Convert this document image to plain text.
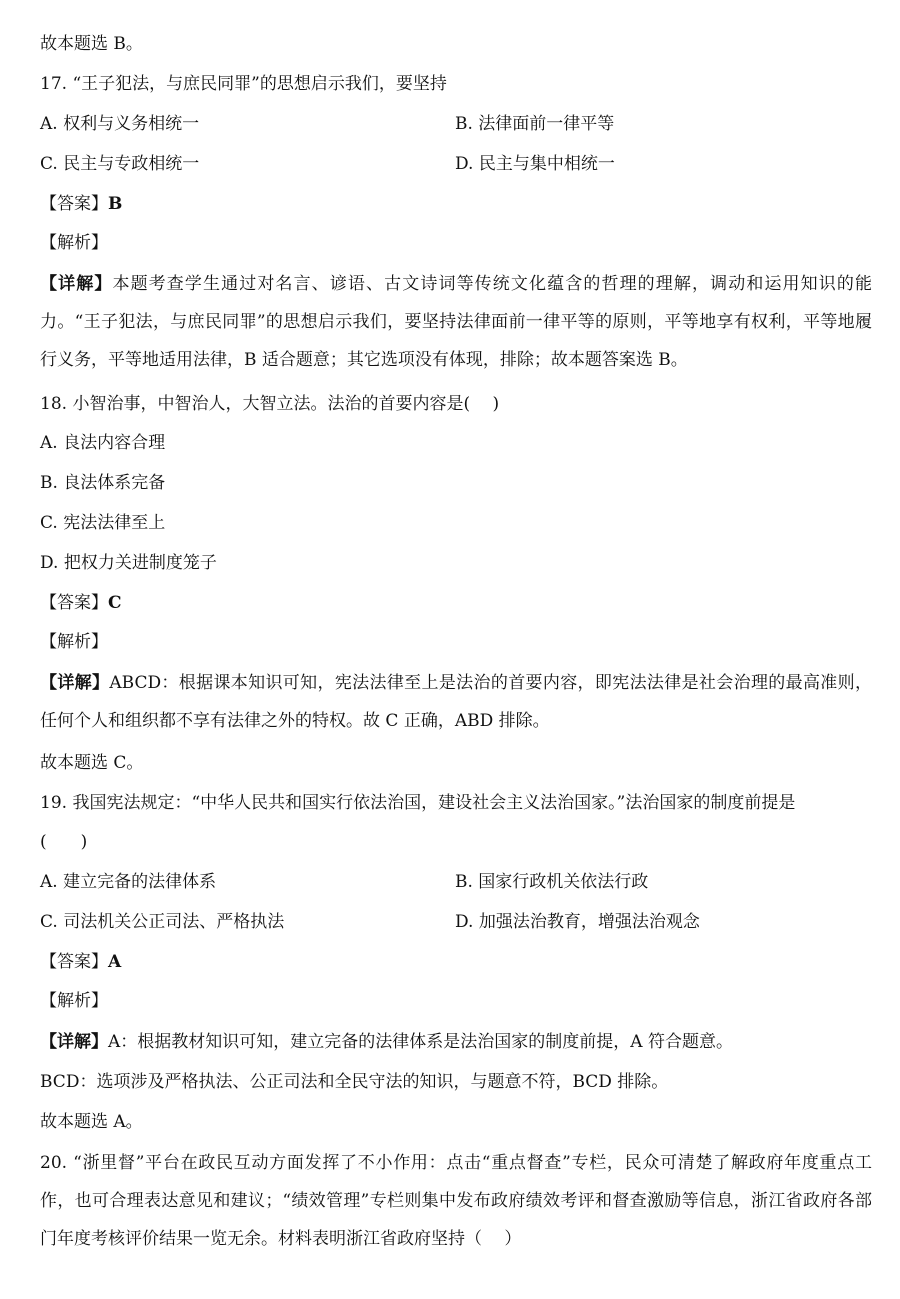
故本题选 B。
17. “王子犯法，与庶民同罪”的思想启示我们，要坚持
A. 权利与义务相统一	B. 法律面前一律平等
C. 民主与专政相统一	D. 民主与集中相统一
【答案】B
【解析】
【详解】本题考查学生通过对名言、谚语、古文诗词等传统文化蕴含的哲理的理解，调动和运用知识的能力。“王子犯法，与庶民同罪”的思想启示我们，要坚持法律面前一律平等的原则，平等地享有权利，平等地履行义务，平等地适用法律，B 适合题意；其它选项没有体现，排除；故本题答案选 B。
18. 小智治事，中智治人，大智立法。法治的首要内容是(　 )
A. 良法内容合理
B. 良法体系完备
C. 宪法法律至上
D. 把权力关进制度笼子
【答案】C
【解析】
【详解】ABCD：根据课本知识可知，宪法法律至上是法治的首要内容，即宪法法律是社会治理的最高准则，任何个人和组织都不享有法律之外的特权。故 C 正确，ABD 排除。
故本题选 C。
19. 我国宪法规定：“中华人民共和国实行依法治国，建设社会主义法治国家。”法治国家的制度前提是
(　　)
A. 建立完备的法律体系	B. 国家行政机关依法行政
C. 司法机关公正司法、严格执法	D. 加强法治教育，增强法治观念
【答案】A
【解析】
【详解】A：根据教材知识可知，建立完备的法律体系是法治国家的制度前提，A 符合题意。
BCD：选项涉及严格执法、公正司法和全民守法的知识，与题意不符，BCD 排除。
故本题选 A。
20. “浙里督”平台在政民互动方面发挥了不小作用：点击“重点督查”专栏，民众可清楚了解政府年度重点工作，也可合理表达意见和建议；“绩效管理”专栏则集中发布政府绩效考评和督查激励等信息，浙江省政府各部门年度考核评价结果一览无余。材料表明浙江省政府坚持（　 ）
